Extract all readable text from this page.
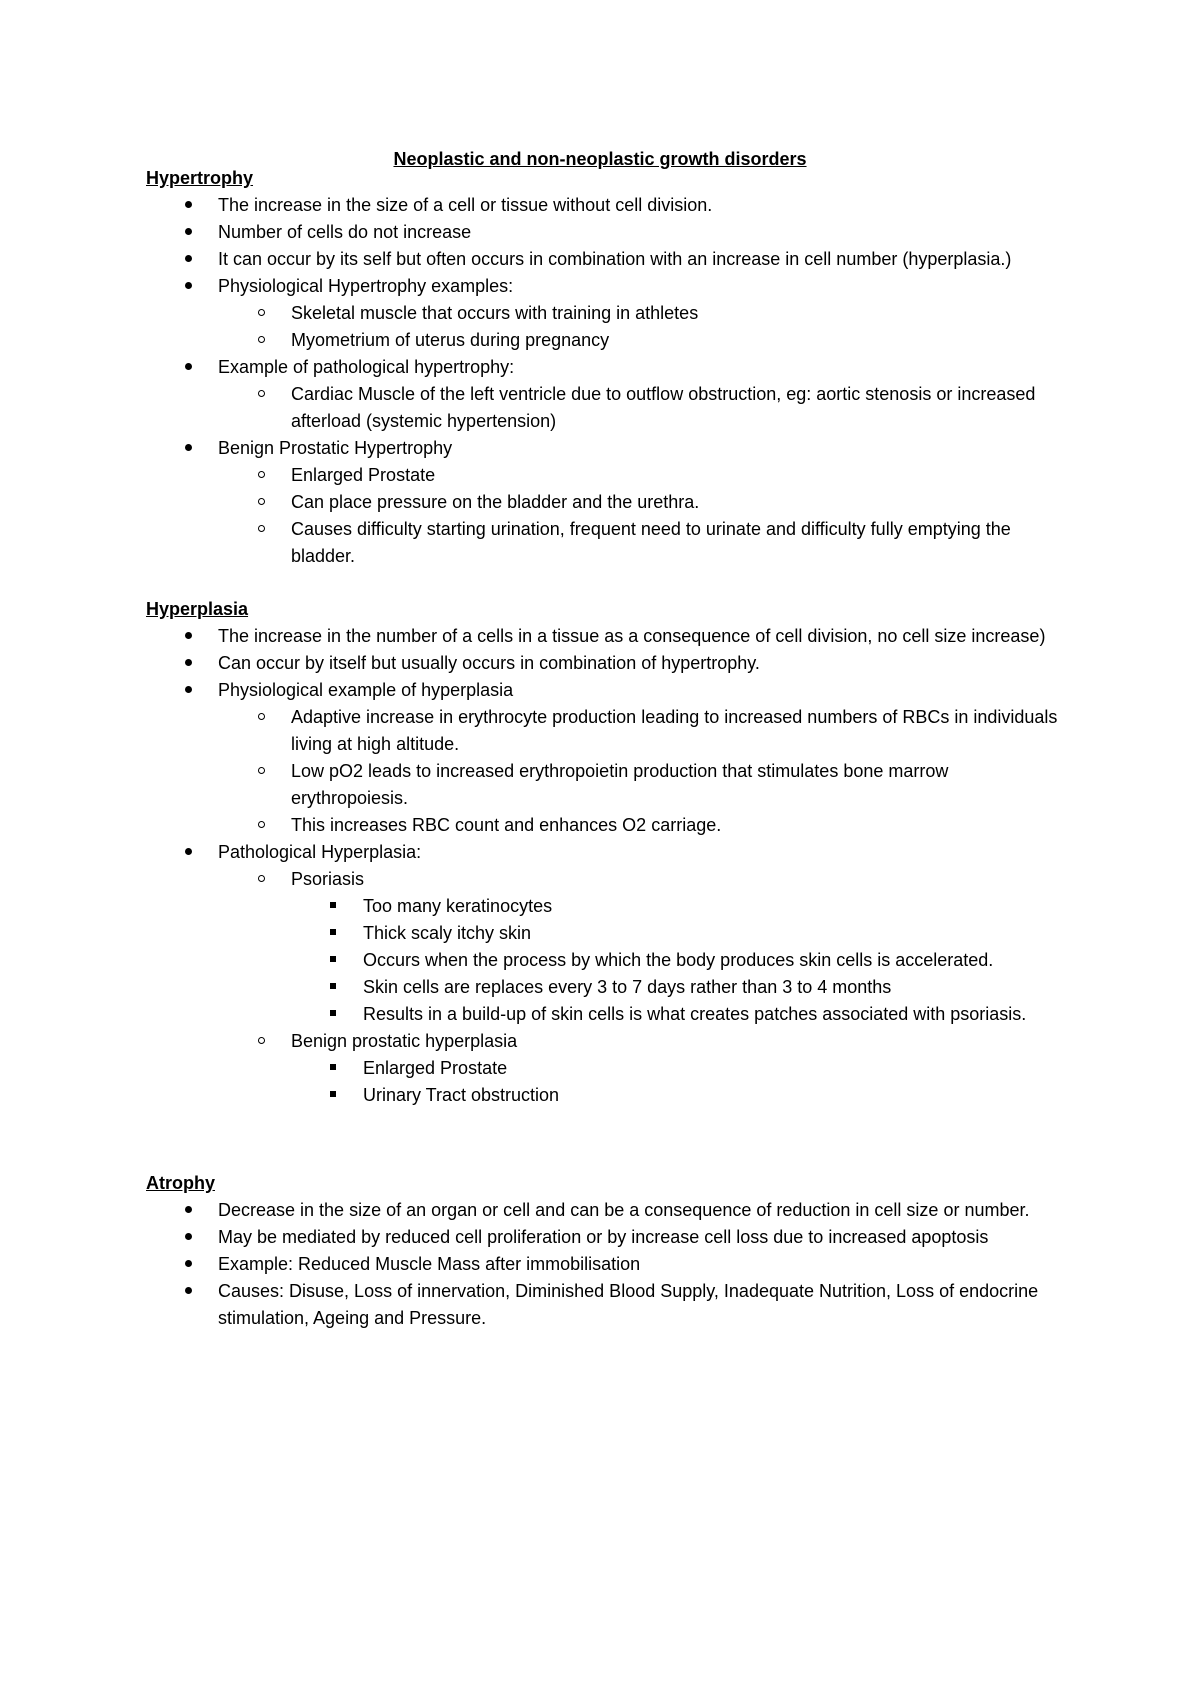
Neoplastic and non-neoplastic growth disorders

Hypertrophy

The increase in the size of a cell or tissue without cell division.
Number of cells do not increase
It can occur by its self but often occurs in combination with an increase in cell number (hyperplasia.)
Physiological Hypertrophy examples:
Skeletal muscle that occurs with training in athletes
Myometrium of uterus during pregnancy
Example of pathological hypertrophy:
Cardiac Muscle of the left ventricle due to outflow obstruction, eg: aortic stenosis or increased afterload (systemic hypertension)
Benign Prostatic Hypertrophy
Enlarged Prostate
Can place pressure on the bladder and the urethra.
Causes difficulty starting urination, frequent need to urinate and difficulty fully emptying the bladder.

Hyperplasia

The increase in the number of a cells in a tissue as a consequence of cell division, no cell size increase)
Can occur by itself but usually occurs in combination of hypertrophy.
Physiological example of hyperplasia
Adaptive increase in erythrocyte production leading to increased numbers of RBCs in individuals living at high altitude.
Low pO2 leads to increased erythropoietin production that stimulates bone marrow erythropoiesis.
This increases RBC count and enhances O2 carriage.
Pathological Hyperplasia:
Psoriasis
Too many keratinocytes
Thick scaly itchy skin
Occurs when the process by which the body produces skin cells is accelerated.
Skin cells are replaces every 3 to 7 days rather than 3 to 4 months
Results in a build-up of skin cells is what creates patches associated with psoriasis.
Benign prostatic hyperplasia
Enlarged Prostate
Urinary Tract obstruction

Atrophy

Decrease in the size of an organ or cell and can be a consequence of reduction in cell size or number.
May be mediated by reduced cell proliferation or by increase cell loss due to increased apoptosis
Example: Reduced Muscle Mass after immobilisation
Causes: Disuse, Loss of innervation, Diminished Blood Supply, Inadequate Nutrition, Loss of endocrine stimulation, Ageing and Pressure.
